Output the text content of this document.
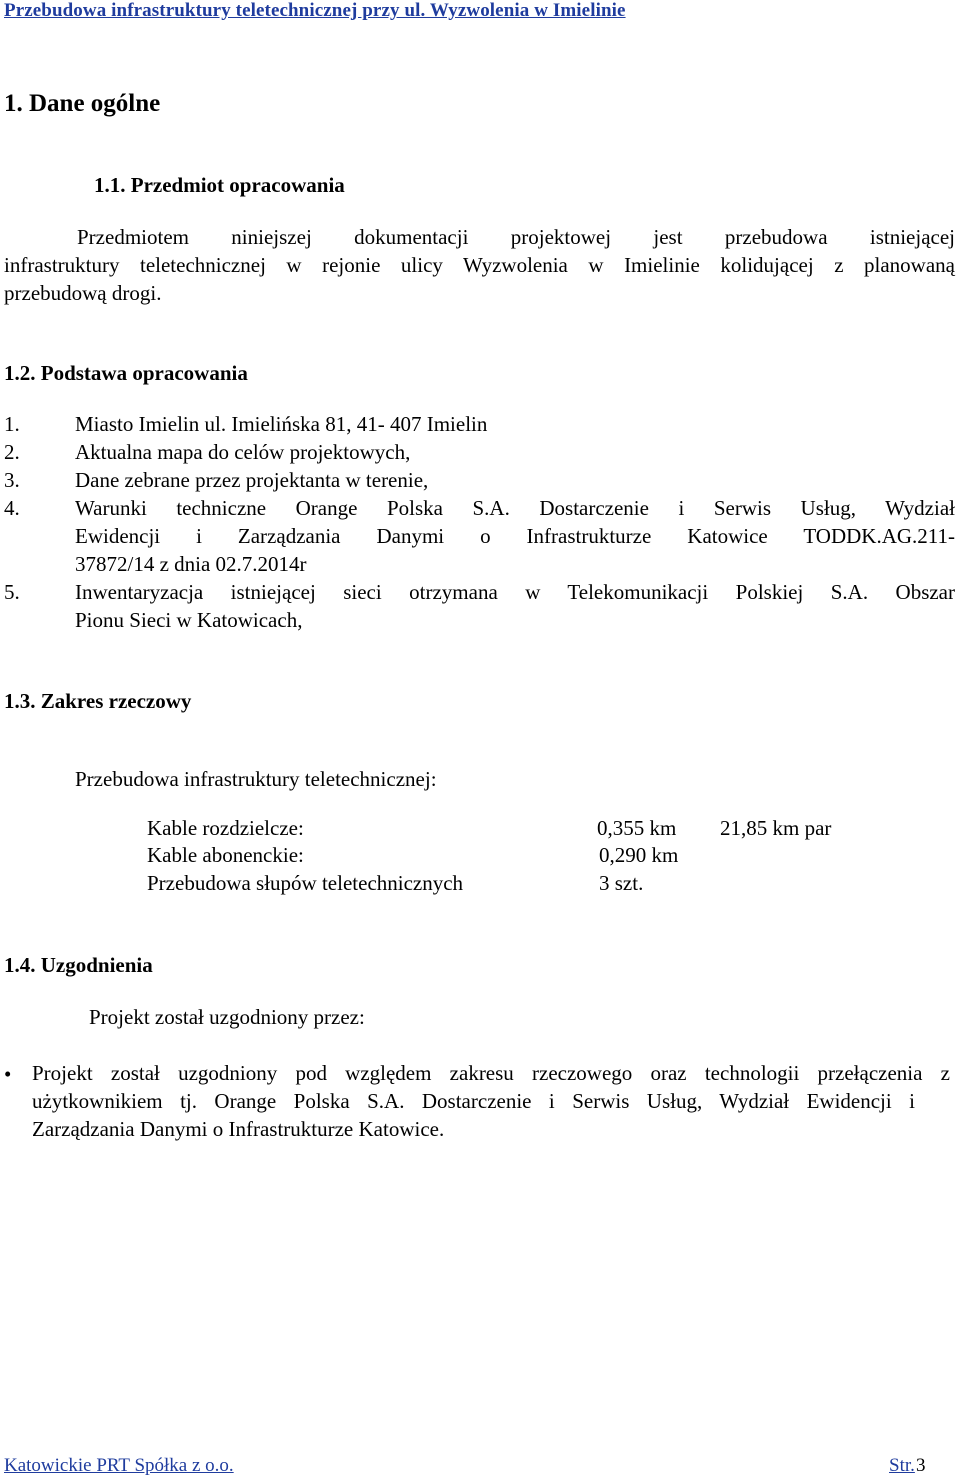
Przebudowa infrastruktury teletechnicznej przy ul. Wyzwolenia w Imielinie
1. Dane ogólne
1.1. Przedmiot opracowania
Przedmiotem niniejszej dokumentacji projektowej jest przebudowa istniejącej
infrastruktury teletechnicznej w rejonie ulicy Wyzwolenia w Imielinie kolidującej z planowaną
przebudową drogi.
1.2. Podstawa opracowania
1.	Miasto Imielin ul. Imielińska 81, 41- 407 Imielin
2.	Aktualna mapa do celów projektowych,
3.	Dane zebrane przez projektanta w terenie,
4.	Warunki techniczne Orange Polska S.A. Dostarczenie i Serwis Usług, Wydział
Ewidencji i Zarządzania Danymi o Infrastrukturze Katowice TODDK.AG.211-
37872/14 z dnia 02.7.2014r
5.	Inwentaryzacja istniejącej sieci otrzymana w Telekomunikacji Polskiej S.A. Obszar
Pionu Sieci w Katowicach,
1.3. Zakres rzeczowy
Przebudowa infrastruktury teletechnicznej:
Kable rozdzielcze:	0,355 km 21,85 km par
Kable abonenckie:	0,290 km
Przebudowa słupów teletechnicznych	3 szt.
1.4. Uzgodnienia
Projekt został uzgodniony przez:
• Projekt został uzgodniony pod względem zakresu rzeczowego oraz technologii przełączenia z
użytkownikiem tj. Orange Polska S.A. Dostarczenie i Serwis Usług, Wydział Ewidencji i
Zarządzania Danymi o Infrastrukturze Katowice.
Katowickie PRT Spółka z o.o.	Str. 3
